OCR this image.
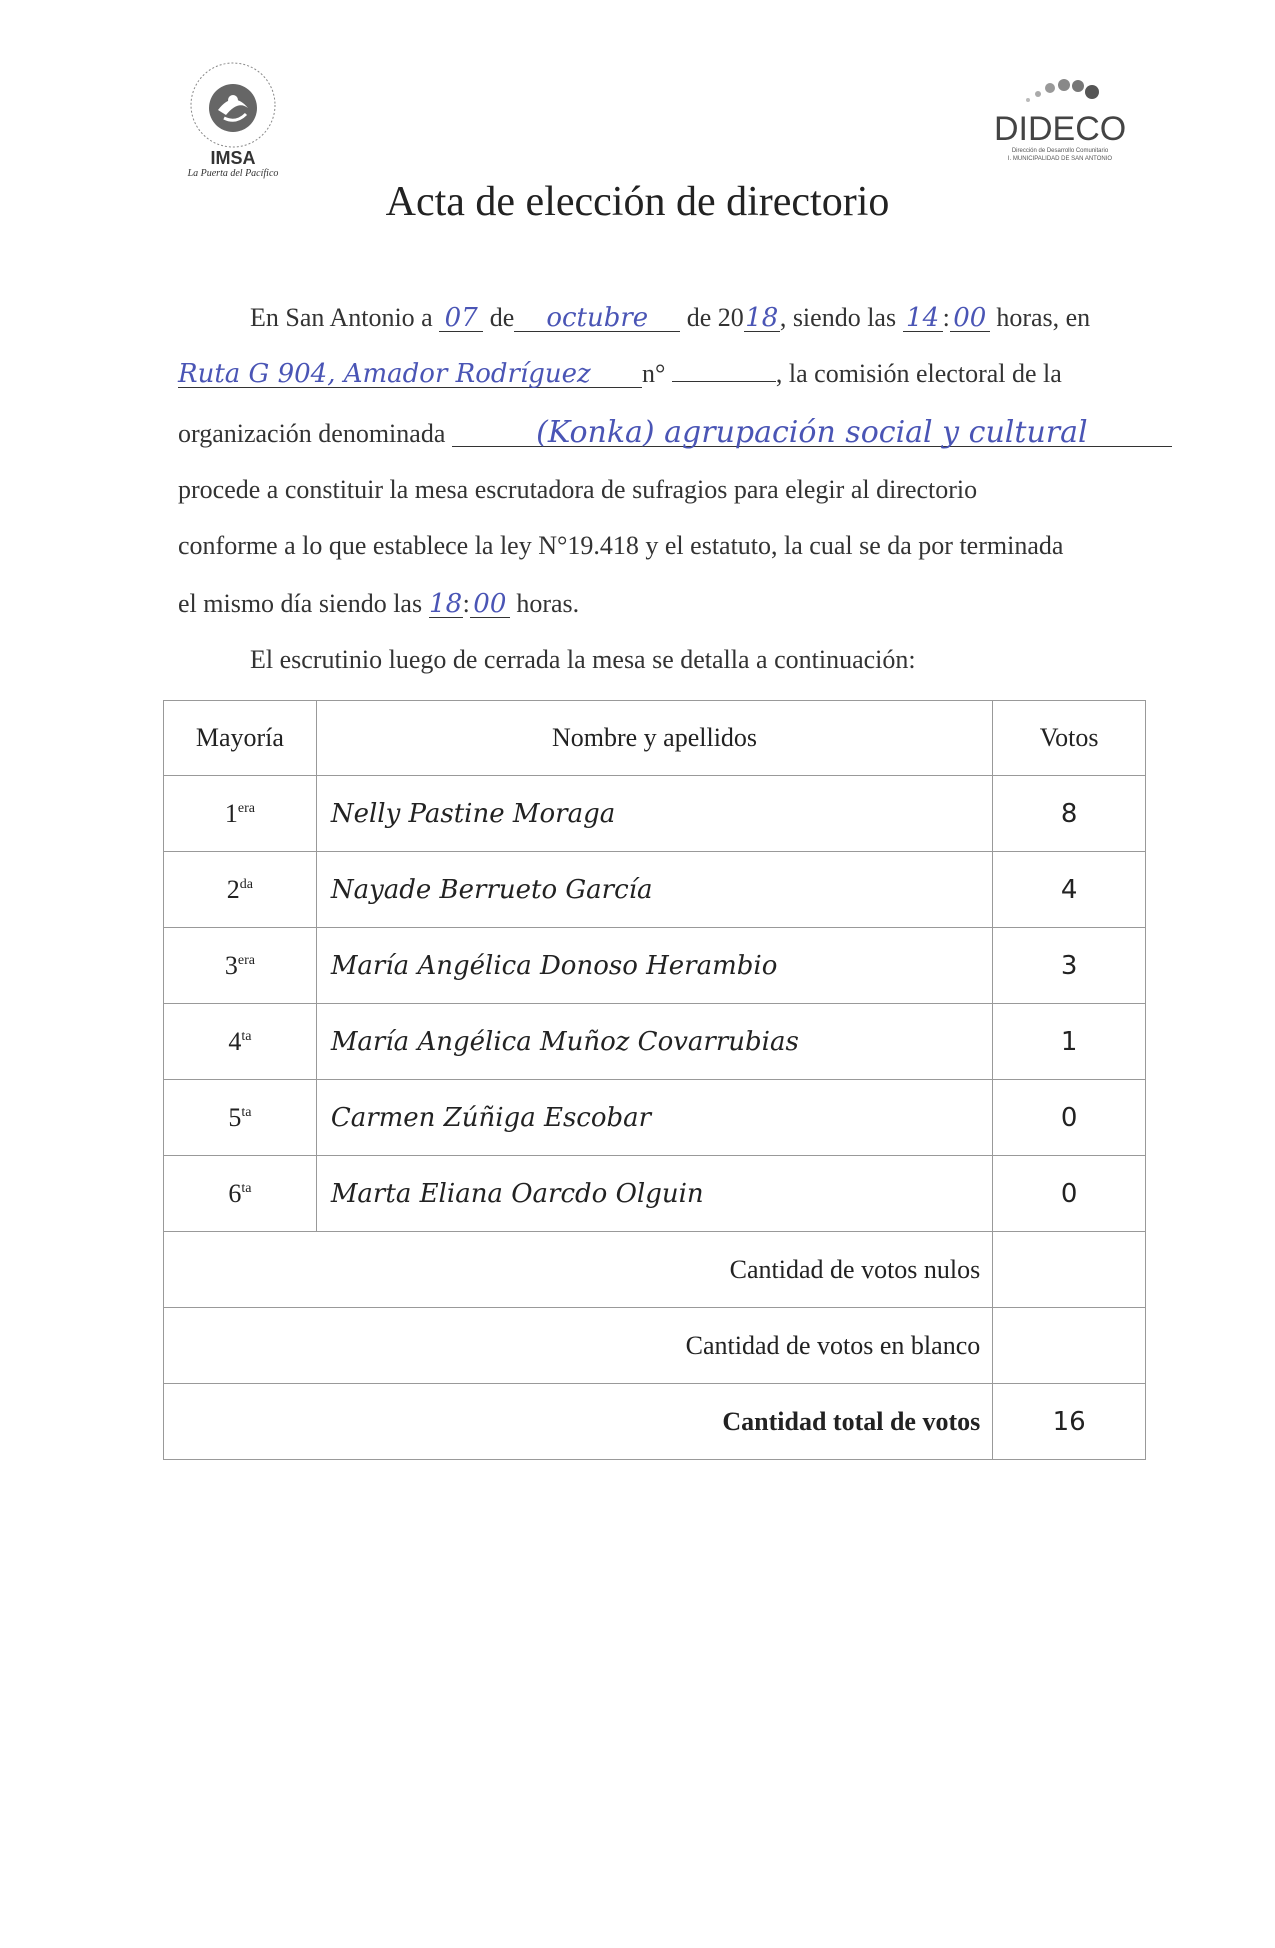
IMSA
La Puerta del Pacífico
DIDECO
Dirección de Desarrollo Comunitario
I. MUNICIPALIDAD DE SAN ANTONIO
Acta de elección de directorio
En San Antonio a 07 de octubre de 2018, siendo las 14 : 00 horas, en
Ruta G 904, Amador Rodríguez n°	, la comisión electoral de la
organización denominada	(Konka) agrupación social y cultural
procede a constituir la mesa escrutadora de sufragios para elegir al directorio
conforme a lo que establece la ley N°19.418 y el estatuto, la cual se da por terminada
el mismo día siendo las 18: 00 horas.
El escrutinio luego de cerrada la mesa se detalla a continuación:
Mayoría	Nombre y apellidos	Votos
$1^{era}$	Nelly Pastine Moraga	8
$2^{da}$	Nayade Berrueto García	4
$3^{era}$	María Angélica Donoso Herambio	3
$4^{ta}$	María Angélica Muñoz Covarrubias	1
$5^{ta}$	Carmen Zúñiga Escobar	0
$6^{ta}$	Marta Eliana Oarcdo Olguin	0
Cantidad de votos nulos		
Cantidad de votos en blanco		
Cantidad total de votos		16
